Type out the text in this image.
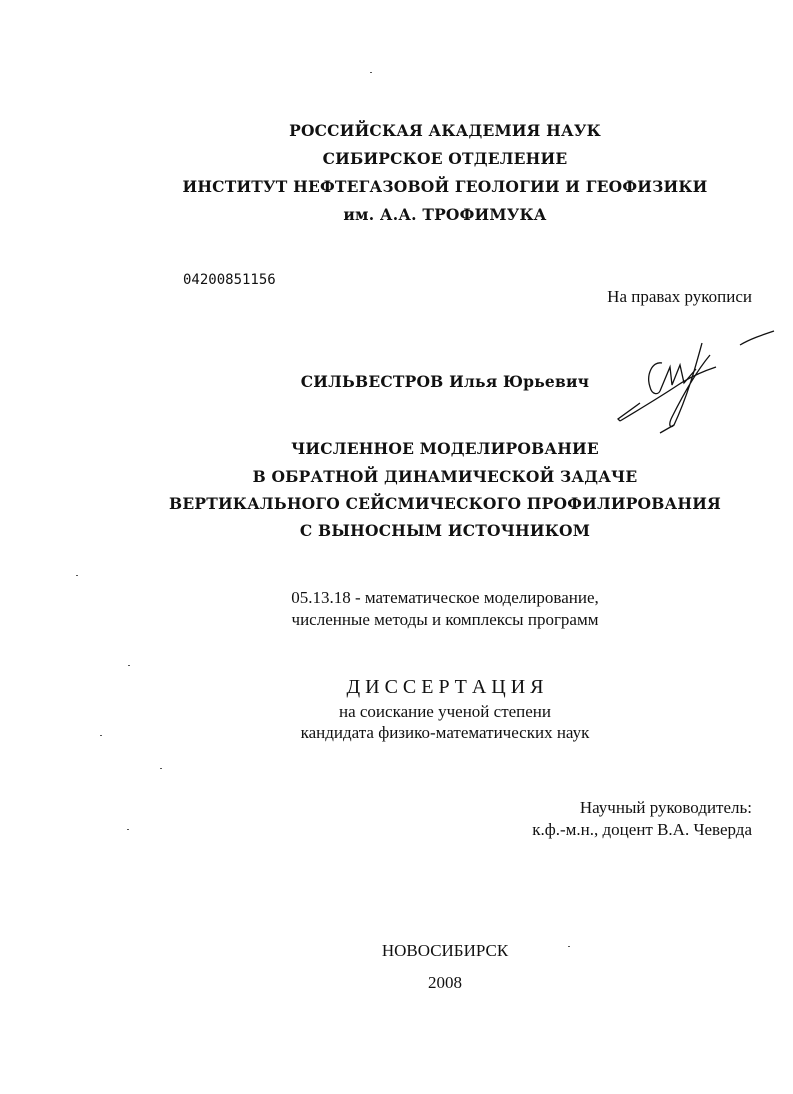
РОССИЙСКАЯ АКАДЕМИЯ НАУК
СИБИРСКОЕ ОТДЕЛЕНИЕ
ИНСТИТУТ НЕФТЕГАЗОВОЙ ГЕОЛОГИИ И ГЕОФИЗИКИ
им. А.А. ТРОФИМУКА
04200851156
На правах рукописи
СИЛЬВЕСТРОВ Илья Юрьевич
ЧИСЛЕННОЕ МОДЕЛИРОВАНИЕ
В ОБРАТНОЙ ДИНАМИЧЕСКОЙ ЗАДАЧЕ
ВЕРТИКАЛЬНОГО СЕЙСМИЧЕСКОГО ПРОФИЛИРОВАНИЯ
С ВЫНОСНЫМ ИСТОЧНИКОМ
05.13.18 - математическое моделирование,
численные методы и комплексы программ
Д И С С Е Р Т А Ц И Я
на соискание ученой степени
кандидата физико-математических наук
Научный руководитель:
к.ф.-м.н., доцент В.А. Чеверда
НОВОСИБИРСК
2008
